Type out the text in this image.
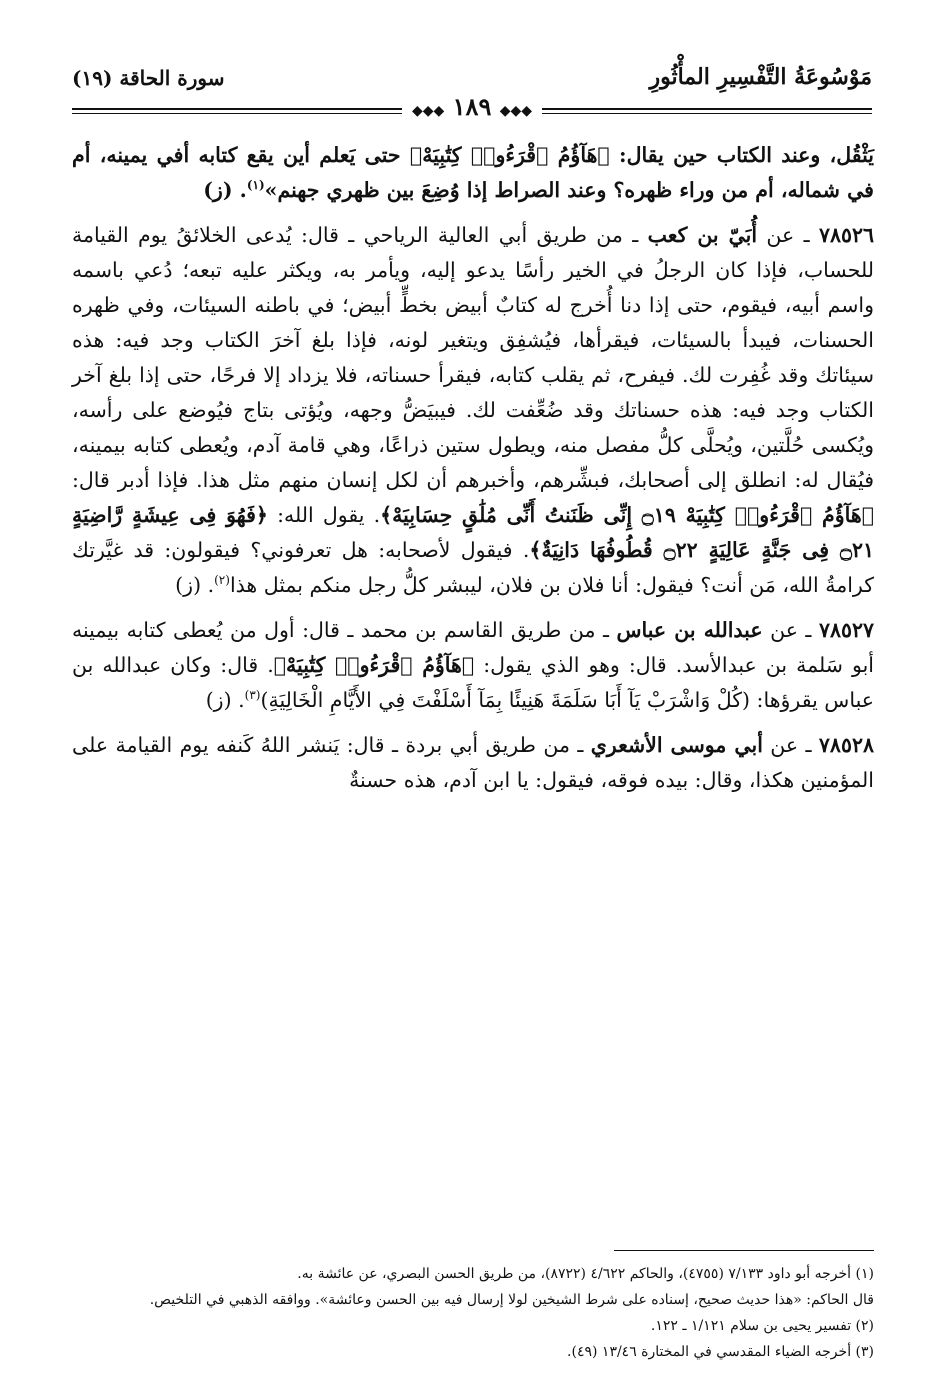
مَوْسُوعَةُ التَّفْسِيرِ المأْثُورِ
سورة الحاقة (١٩)
◆◆◆ ١٨٩ ◆◆◆

يَثْقُل، وعند الكتاب حين يقال: ﴿هَآؤُمُ ٱقْرَءُوا۟ كِتَٰبِيَهْ﴾ حتى يَعلم أين يقع كتابه أفي يمينه، أم في شماله، أم من وراء ظهره؟ وعند الصراط إذا وُضِعَ بين ظهري جهنم»$^{(١)}$. (ز)

٧٨٥٢٦ ـ عن أُبَيّ بن كعب ـ من طريق أبي العالية الرياحي ـ قال: يُدعى الخلائقُ يوم القيامة للحساب، فإذا كان الرجلُ في الخير رأسًا يدعو إليه، ويأمر به، ويكثر عليه تبعه؛ دُعي باسمه واسم أبيه، فيقوم، حتى إذا دنا أُخرج له كتابٌ أبيض بخطٍّ أبيض؛ في باطنه السيئات، وفي ظهره الحسنات، فيبدأ بالسيئات، فيقرأها، فيُشفِق ويتغير لونه، فإذا بلغ آخرَ الكتاب وجد فيه: هذه سيئاتك وقد غُفِرت لك. فيفرح، ثم يقلب كتابه، فيقرأ حسناته، فلا يزداد إلا فرحًا، حتى إذا بلغ آخر الكتاب وجد فيه: هذه حسناتك وقد ضُعِّفت لك. فيبيَضُّ وجهه، ويُؤتى بتاج فيُوضع على رأسه، ويُكسى حُلَّتين، ويُحلَّى كلُّ مفصل منه، ويطول ستين ذراعًا، وهي قامة آدم، ويُعطى كتابه بيمينه، فيُقال له: انطلق إلى أصحابك، فبشِّرهم، وأخبرهم أن لكل إنسان منهم مثل هذا. فإذا أدبر قال: ﴿هَآؤُمُ ٱقْرَءُوا۟ كِتَٰبِيَهْ ۝١٩ إِنِّى ظَنَنتُ أَنِّى مُلَٰقٍ حِسَابِيَهْ﴾. يقول الله: ﴿فَهُوَ فِى عِيشَةٍ رَّاضِيَةٍ ۝٢١ فِى جَنَّةٍ عَالِيَةٍ ۝٢٢ قُطُوفُهَا دَانِيَةٌ﴾. فيقول لأصحابه: هل تعرفوني؟ فيقولون: قد غيَّرتك كرامةُ الله، مَن أنت؟ فيقول: أنا فلان بن فلان، ليبشر كلُّ رجل منكم بمثل هذا$^{(٢)}$. (ز)

٧٨٥٢٧ ـ عن عبدالله بن عباس ـ من طريق القاسم بن محمد ـ قال: أول من يُعطى كتابه بيمينه أبو سَلمة بن عبدالأسد. قال: وهو الذي يقول: ﴿هَآؤُمُ ٱقْرَءُوا۟ كِتَٰبِيَهْ﴾. قال: وكان عبدالله بن عباس يقرؤها: (كُلْ وَاشْرَبْ يَآ أَبَا سَلَمَةَ هَنِيئًا بِمَآ أَسْلَفْتَ فِي الأَيَّامِ الْخَالِيَةِ)$^{(٣)}$. (ز)

٧٨٥٢٨ ـ عن أبي موسى الأشعري ـ من طريق أبي بردة ـ قال: يَنشر اللهُ كَنفه يوم القيامة على المؤمنين هكذا، وقال: بيده فوقه، فيقول: يا ابن آدم، هذه حسنةٌ

(١) أخرجه أبو داود ٧/١٣٣ (٤٧٥٥)، والحاكم ٤/٦٢٢ (٨٧٢٢)، من طريق الحسن البصري، عن عائشة به.

قال الحاكم: «هذا حديث صحيح، إسناده على شرط الشيخين لولا إرسال فيه بين الحسن وعائشة». ووافقه الذهبي في التلخيص.

(٢) تفسير يحيى بن سلام ١/١٢١ ـ ١٢٢.

(٣) أخرجه الضياء المقدسي في المختارة ١٣/٤٦ (٤٩).
